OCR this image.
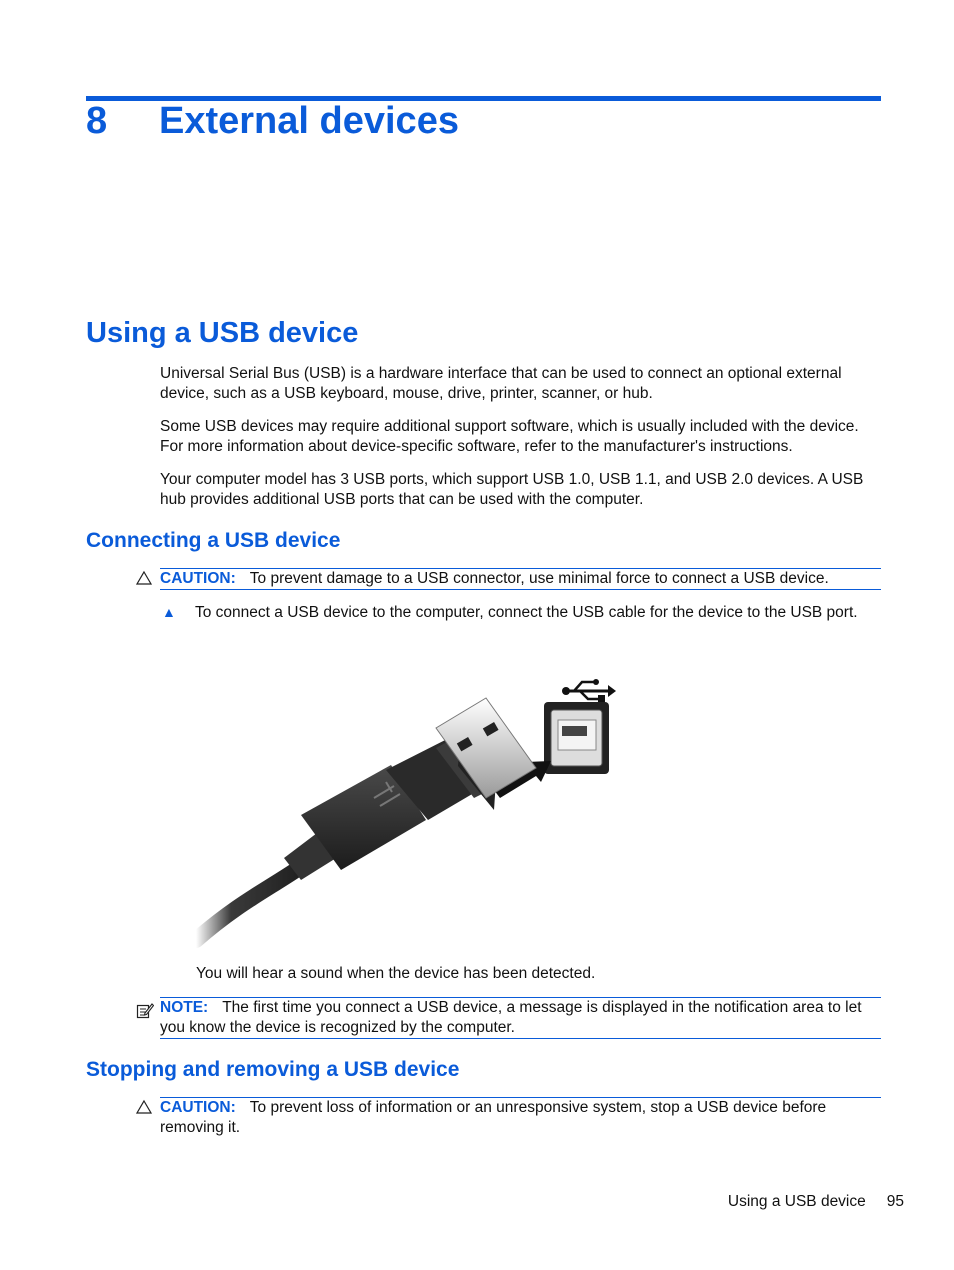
8 External devices
Using a USB device

Universal Serial Bus (USB) is a hardware interface that can be used to connect an optional external device, such as a USB keyboard, mouse, drive, printer, scanner, or hub.

Some USB devices may require additional support software, which is usually included with the device. For more information about device-specific software, refer to the manufacturer's instructions.

Your computer model has 3 USB ports, which support USB 1.0, USB 1.1, and USB 2.0 devices. A USB hub provides additional USB ports that can be used with the computer.

Connecting a USB device
CAUTION: To prevent damage to a USB connector, use minimal force to connect a USB device.
▲ To connect a USB device to the computer, connect the USB cable for the device to the USB port.
You will hear a sound when the device has been detected.
NOTE: The first time you connect a USB device, a message is displayed in the notification area to let you know the device is recognized by the computer.
Stopping and removing a USB device
CAUTION: To prevent loss of information or an unresponsive system, stop a USB device before removing it.
Using a USB device 95
